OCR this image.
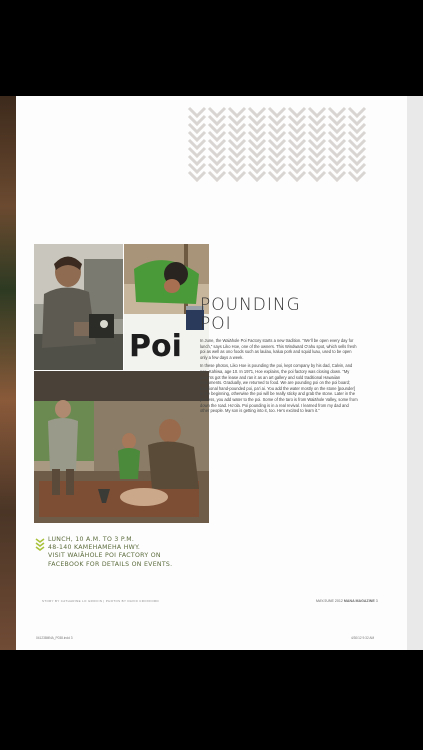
Poi
POUNDING
POI

In June, the Waiāhole Poi Factory starts a new tradition. “We’ll be open every day for lunch,” says Liko Hoe, one of the owners. This Windward O‘ahu spot, which sells fresh poi as well as ono foods such as laulau, kalua pork and squid luau, used to be open only a few days a week.

In these photos, Liko Hoe is pounding the poi, kept company by his dad, Calvin, and son, Kahiwa, age 10. In 1971, Hoe explains, the poi factory was closing down. “My parents got the lease and ran it as an art gallery and sold traditional Hawaiian instruments. Gradually, we returned to food. We are pounding poi on the poi board; traditional hand-pounded poi, pa‘i ai. You add the water mostly on the stone [pounder] in the beginning, otherwise the poi will be really sticky and grab the stone. Later in the process, you add water to the poi. Some of the taro is from Waiāhole Valley, some from down the road. Ho‘ola. Poi pounding is in a real revival. I learned from my dad and other people. My son is getting into it, too. He’s excited to learn it.”

LUNCH, 10 A.M. TO 3 P.M.
48-140 KAMEHAMEHA HWY.
VISIT WAIĀHOLE POI FACTORY ON
FACEBOOK FOR DETAILS ON EVENTS.
STORY BY CATHARINE LO GRIFFIN | PHOTOS BY DAVID CROXFORD	MAY/JUNE 2012 MANA MAGAZINE 3
041238MNA_P038.indd 3	4/30/12 9:32 AM
